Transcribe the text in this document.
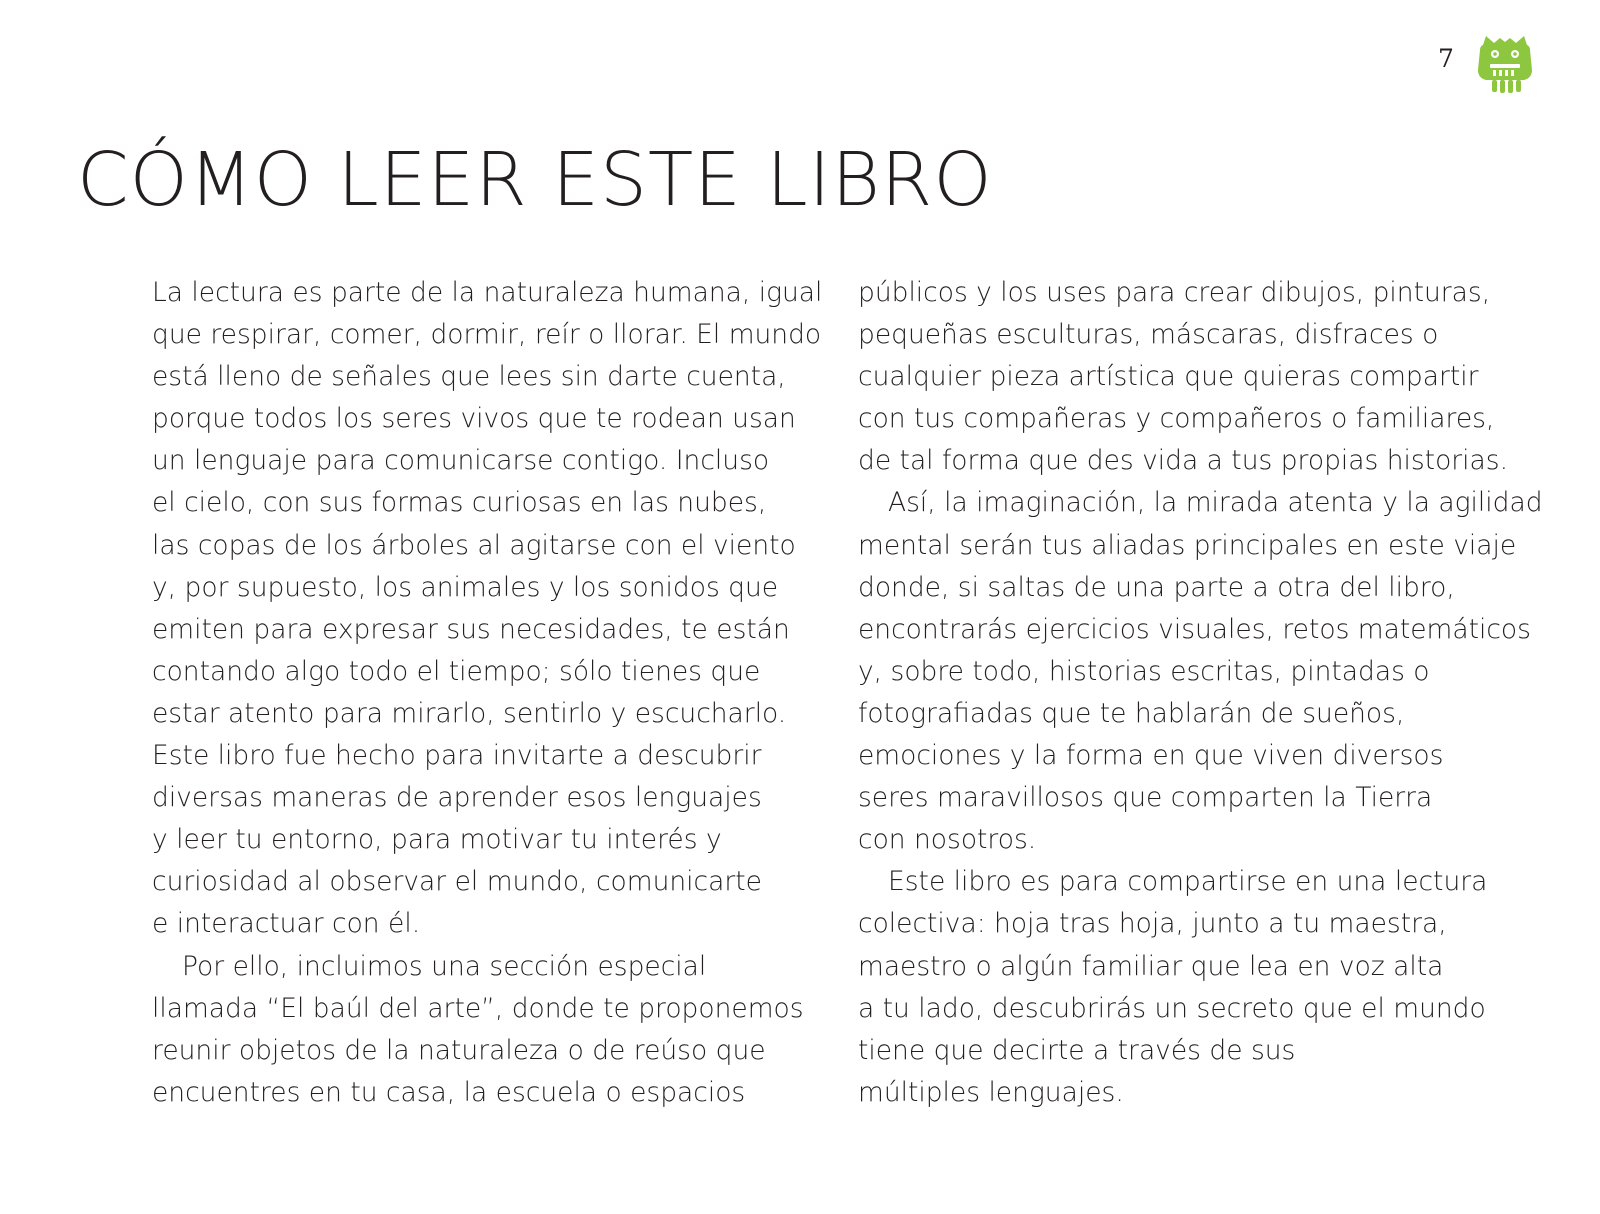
7
CÓMO LEER ESTE LIBRO
La lectura es parte de la naturaleza humana, igual
que respirar, comer, dormir, reír o llorar. El mundo
está lleno de señales que lees sin darte cuenta,
porque todos los seres vivos que te rodean usan
un lenguaje para comunicarse contigo. Incluso
el cielo, con sus formas curiosas en las nubes,
las copas de los árboles al agitarse con el viento
y, por supuesto, los animales y los sonidos que
emiten para expresar sus necesidades, te están
contando algo todo el tiempo; sólo tienes que
estar atento para mirarlo, sentirlo y escucharlo.
Este libro fue hecho para invitarte a descubrir
diversas maneras de aprender esos lenguajes
y leer tu entorno, para motivar tu interés y
curiosidad al observar el mundo, comunicarte
e interactuar con él.
Por ello, incluimos una sección especial
llamada “El baúl del arte”, donde te proponemos
reunir objetos de la naturaleza o de reúso que
encuentres en tu casa, la escuela o espacios
públicos y los uses para crear dibujos, pinturas,
pequeñas esculturas, máscaras, disfraces o
cualquier pieza artística que quieras compartir
con tus compañeras y compañeros o familiares,
de tal forma que des vida a tus propias historias.
Así, la imaginación, la mirada atenta y la agilidad
mental serán tus aliadas principales en este viaje
donde, si saltas de una parte a otra del libro,
encontrarás ejercicios visuales, retos matemáticos
y, sobre todo, historias escritas, pintadas o
fotografiadas que te hablarán de sueños,
emociones y la forma en que viven diversos
seres maravillosos que comparten la Tierra
con nosotros.
Este libro es para compartirse en una lectura
colectiva: hoja tras hoja, junto a tu maestra,
maestro o algún familiar que lea en voz alta
a tu lado, descubrirás un secreto que el mundo
tiene que decirte a través de sus
múltiples lenguajes.
